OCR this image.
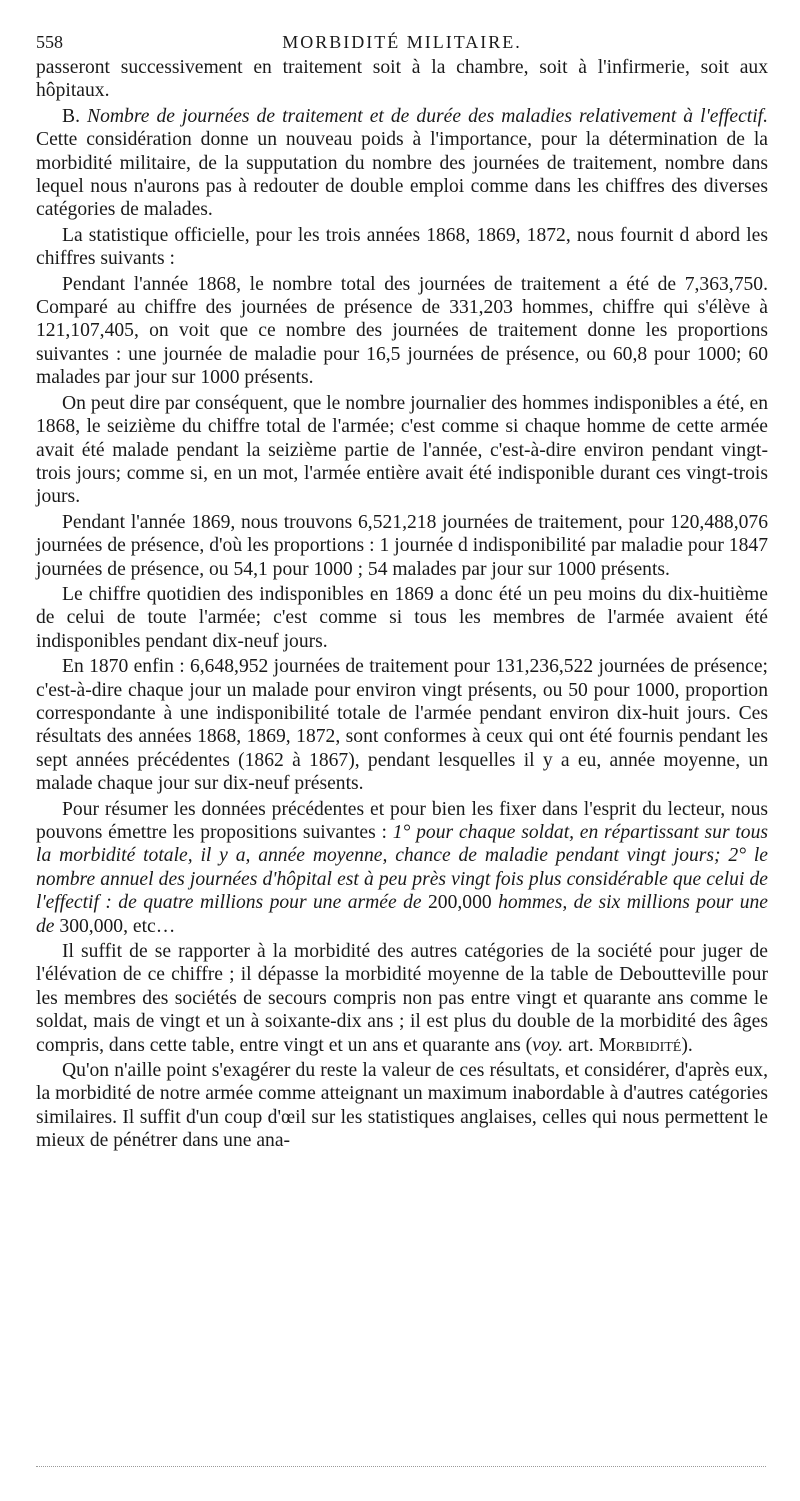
558	MORBIDITÉ MILITAIRE.

passeront successivement en traitement soit à la chambre, soit à l'infirmerie, soit aux hôpitaux.

B. Nombre de journées de traitement et de durée des maladies relativement à l'effectif. Cette considération donne un nouveau poids à l'importance, pour la détermination de la morbidité militaire, de la supputation du nombre des journées de traitement, nombre dans lequel nous n'aurons pas à redouter de double emploi comme dans les chiffres des diverses catégories de malades.

La statistique officielle, pour les trois années 1868, 1869, 1872, nous fournit d abord les chiffres suivants :

Pendant l'année 1868, le nombre total des journées de traitement a été de 7,363,750. Comparé au chiffre des journées de présence de 331,203 hommes, chiffre qui s'élève à 121,107,405, on voit que ce nombre des journées de traitement donne les proportions suivantes : une journée de maladie pour 16,5 journées de présence, ou 60,8 pour 1000; 60 malades par jour sur 1000 présents.

On peut dire par conséquent, que le nombre journalier des hommes indisponibles a été, en 1868, le seizième du chiffre total de l'armée; c'est comme si chaque homme de cette armée avait été malade pendant la seizième partie de l'année, c'est-à-dire environ pendant vingt-trois jours; comme si, en un mot, l'armée entière avait été indisponible durant ces vingt-trois jours.

Pendant l'année 1869, nous trouvons 6,521,218 journées de traitement, pour 120,488,076 journées de présence, d'où les proportions : 1 journée d indisponibilité par maladie pour 1847 journées de présence, ou 54,1 pour 1000 ; 54 malades par jour sur 1000 présents.

Le chiffre quotidien des indisponibles en 1869 a donc été un peu moins du dix-huitième de celui de toute l'armée; c'est comme si tous les membres de l'armée avaient été indisponibles pendant dix-neuf jours.

En 1870 enfin : 6,648,952 journées de traitement pour 131,236,522 journées de présence; c'est-à-dire chaque jour un malade pour environ vingt présents, ou 50 pour 1000, proportion correspondante à une indisponibilité totale de l'armée pendant environ dix-huit jours. Ces résultats des années 1868, 1869, 1872, sont conformes à ceux qui ont été fournis pendant les sept années précédentes (1862 à 1867), pendant lesquelles il y a eu, année moyenne, un malade chaque jour sur dix-neuf présents.

Pour résumer les données précédentes et pour bien les fixer dans l'esprit du lecteur, nous pouvons émettre les propositions suivantes : 1° pour chaque soldat, en répartissant sur tous la morbidité totale, il y a, année moyenne, chance de maladie pendant vingt jours; 2° le nombre annuel des journées d'hôpital est à peu près vingt fois plus considérable que celui de l'effectif : de quatre millions pour une armée de 200,000 hommes, de six millions pour une de 300,000, etc…

Il suffit de se rapporter à la morbidité des autres catégories de la société pour juger de l'élévation de ce chiffre ; il dépasse la morbidité moyenne de la table de Deboutteville pour les membres des sociétés de secours compris non pas entre vingt et quarante ans comme le soldat, mais de vingt et un à soixante-dix ans ; il est plus du double de la morbidité des âges compris, dans cette table, entre vingt et un ans et quarante ans (voy. art. Morbidité).

Qu'on n'aille point s'exagérer du reste la valeur de ces résultats, et considérer, d'après eux, la morbidité de notre armée comme atteignant un maximum inabordable à d'autres catégories similaires. Il suffit d'un coup d'œil sur les statistiques anglaises, celles qui nous permettent le mieux de pénétrer dans une ana-
